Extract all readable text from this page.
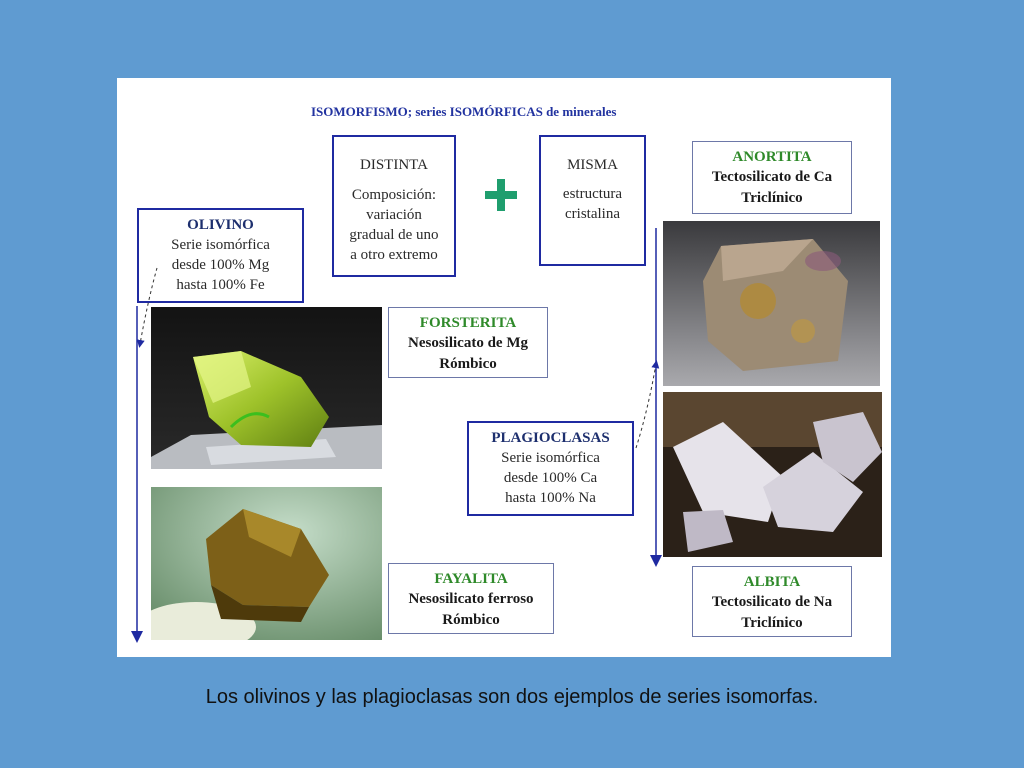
ISOMORFISMO; series ISOMÓRFICAS de minerales
DISTINTA
Composición:
variación
gradual de uno
a otro extremo
MISMA
estructura
cristalina
OLIVINO
Serie isomórfica
desde 100% Mg
hasta 100% Fe
ANORTITA
Tectosilicato de Ca
Triclínico
FORSTERITA
Nesosilicato de Mg
Rómbico
PLAGIOCLASAS
Serie isomórfica
desde 100% Ca
hasta 100% Na
FAYALITA
Nesosilicato ferroso
Rómbico
ALBITA
Tectosilicato de Na
Triclínico
Los olivinos y las plagioclasas son dos ejemplos de series isomorfas.
